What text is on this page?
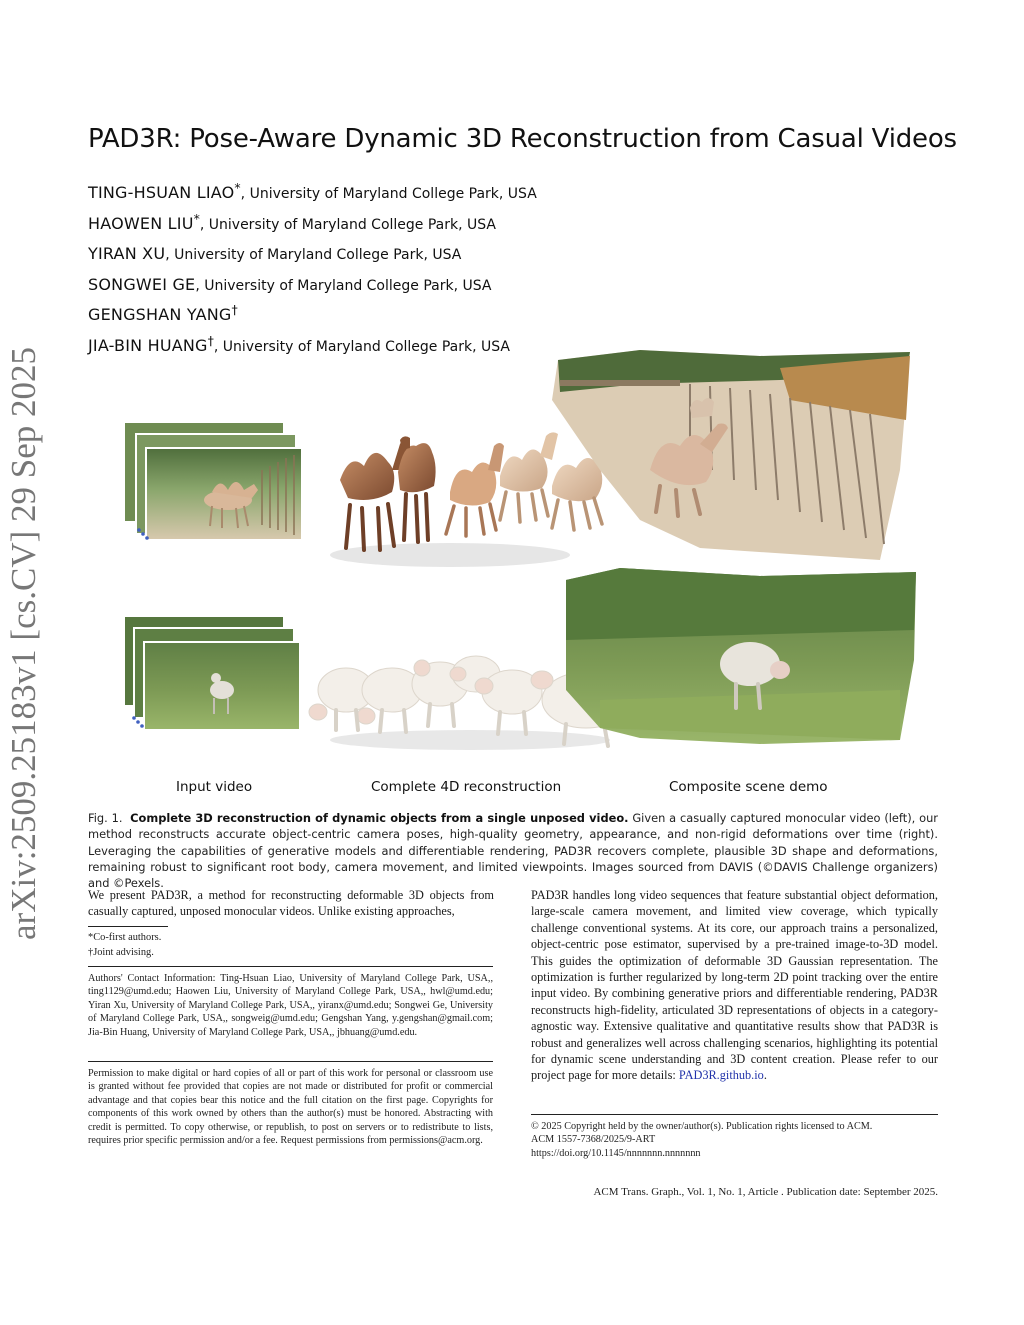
arXiv:2509.25183v1 [cs.CV] 29 Sep 2025
PAD3R: Pose-Aware Dynamic 3D Reconstruction from Casual Videos
TING-HSUAN LIAO*, University of Maryland College Park, USA
HAOWEN LIU*, University of Maryland College Park, USA
YIRAN XU, University of Maryland College Park, USA
SONGWEI GE, University of Maryland College Park, USA
GENGSHAN YANG†
JIA-BIN HUANG†, University of Maryland College Park, USA
Input video	Complete 4D reconstruction	Composite scene demo
Fig. 1. Complete 3D reconstruction of dynamic objects from a single unposed video. Given a casually captured monocular video (left), our method reconstructs accurate object-centric camera poses, high-quality geometry, appearance, and non-rigid deformations over time (right). Leveraging the capabilities of generative models and differentiable rendering, PAD3R recovers complete, plausible 3D shape and deformations, remaining robust to significant root body, camera movement, and limited viewpoints. Images sourced from DAVIS (©DAVIS Challenge organizers) and ©Pexels.
We present PAD3R, a method for reconstructing deformable 3D objects from casually captured, unposed monocular videos. Unlike existing approaches,
*Co-first authors.
†Joint advising.
Authors' Contact Information: Ting-Hsuan Liao, University of Maryland College Park, USA,, ting1129@umd.edu; Haowen Liu, University of Maryland College Park, USA,, hwl@umd.edu; Yiran Xu, University of Maryland College Park, USA,, yiranx@umd.edu; Songwei Ge, University of Maryland College Park, USA,, songweig@umd.edu; Gengshan Yang, y.gengshan@gmail.com; Jia-Bin Huang, University of Maryland College Park, USA,, jbhuang@umd.edu.
Permission to make digital or hard copies of all or part of this work for personal or classroom use is granted without fee provided that copies are not made or distributed for profit or commercial advantage and that copies bear this notice and the full citation on the first page. Copyrights for components of this work owned by others than the author(s) must be honored. Abstracting with credit is permitted. To copy otherwise, or republish, to post on servers or to redistribute to lists, requires prior specific permission and/or a fee. Request permissions from permissions@acm.org.
PAD3R handles long video sequences that feature substantial object deformation, large-scale camera movement, and limited view coverage, which typically challenge conventional systems. At its core, our approach trains a personalized, object-centric pose estimator, supervised by a pre-trained image-to-3D model. This guides the optimization of deformable 3D Gaussian representation. The optimization is further regularized by long-term 2D point tracking over the entire input video. By combining generative priors and differentiable rendering, PAD3R reconstructs high-fidelity, articulated 3D representations of objects in a category-agnostic way. Extensive qualitative and quantitative results show that PAD3R is robust and generalizes well across challenging scenarios, highlighting its potential for dynamic scene understanding and 3D content creation. Please refer to our project page for more details: PAD3R.github.io.
© 2025 Copyright held by the owner/author(s). Publication rights licensed to ACM.
ACM 1557-7368/2025/9-ART
https://doi.org/10.1145/nnnnnnn.nnnnnnn
ACM Trans. Graph., Vol. 1, No. 1, Article . Publication date: September 2025.
